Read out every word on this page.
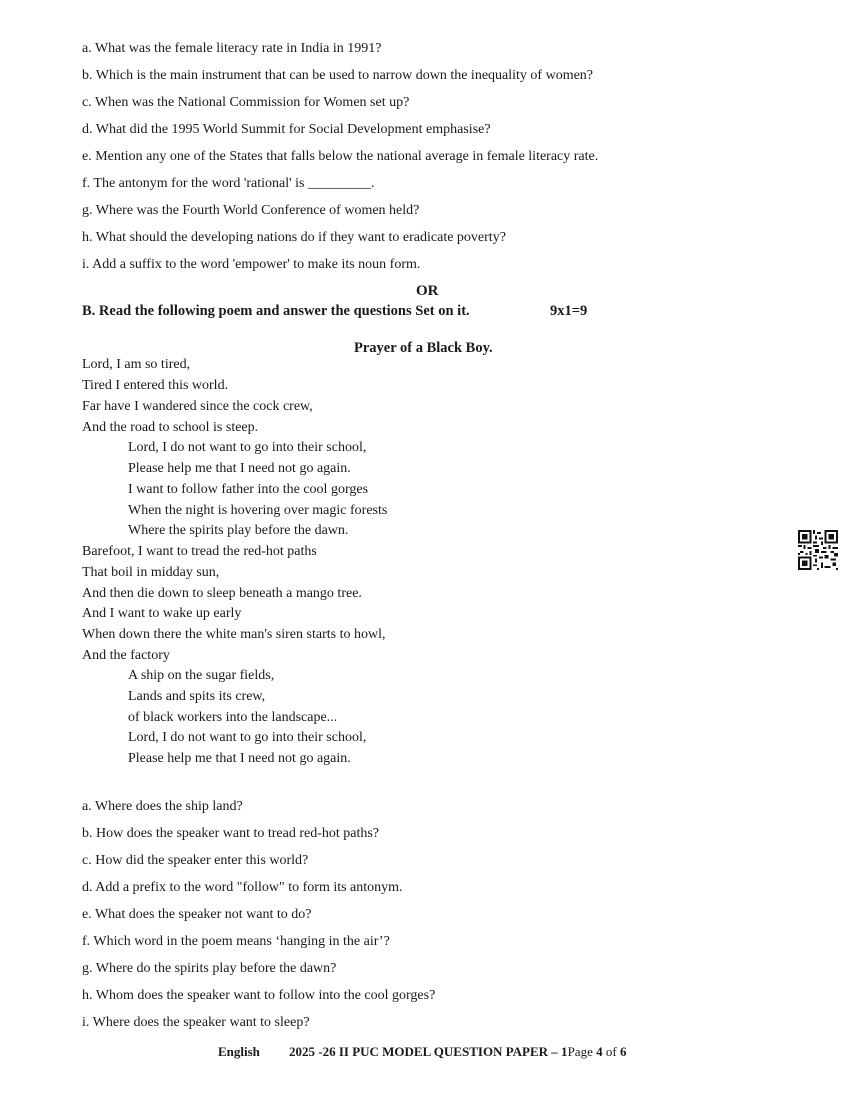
a. What was the female literacy rate in India in 1991?
b. Which is the main instrument that can be used to narrow down the inequality of women?
c. When was the National Commission for Women set up?
d. What did the 1995 World Summit for Social Development emphasise?
e. Mention any one of the States that falls below the national average in female literacy rate.
f. The antonym for the word 'rational' is _________.
g. Where was the Fourth World Conference of women held?
h. What should the developing nations do if they want to eradicate poverty?
i. Add a suffix to the word 'empower' to make its noun form.
OR
B. Read the following poem and answer the questions Set on it.	9x1=9
Prayer of a Black Boy.
Lord, I am so tired,
Tired I entered this world.
Far have I wandered since the cock crew,
And the road to school is steep.
Lord, I do not want to go into their school,
Please help me that I need not go again.
I want to follow father into the cool gorges
When the night is hovering over magic forests
Where the spirits play before the dawn.
Barefoot, I want to tread the red-hot paths
That boil in midday sun,
And then die down to sleep beneath a mango tree.
And I want to wake up early
When down there the white man's siren starts to howl,
And the factory
A ship on the sugar fields,
Lands and spits its crew,
of black workers into the landscape...
Lord, I do not want to go into their school,
Please help me that I need not go again.
a. Where does the ship land?
b. How does the speaker want to tread red-hot paths?
c. How did the speaker enter this world?
d. Add a prefix to the word "follow" to form its antonym.
e. What does the speaker not want to do?
f. Which word in the poem means ‘hanging in the air’?
g. Where do the spirits play before the dawn?
h. Whom does the speaker want to follow into the cool gorges?
i. Where does the speaker want to sleep?
English 2025 -26 II PUC MODEL QUESTION PAPER – 1Page 4 of 6
